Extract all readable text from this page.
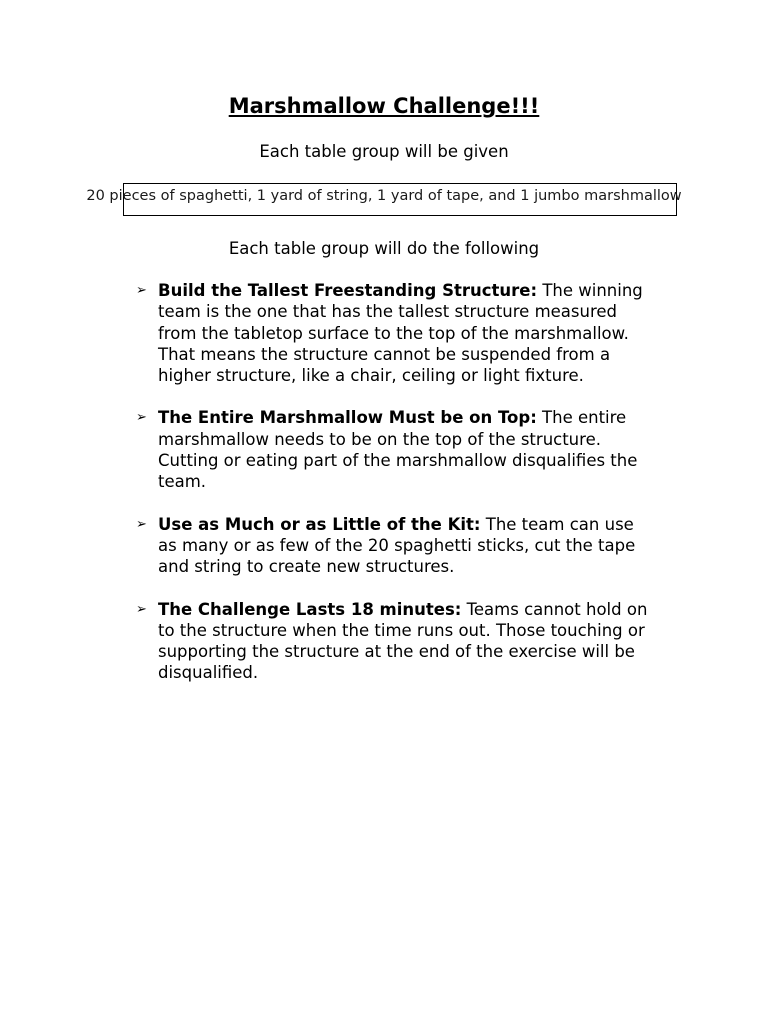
Marshmallow Challenge!!!
Each table group will be given
20 pieces of spaghetti, 1 yard of string, 1 yard of tape, and 1 jumbo marshmallow
Each table group will do the following
➢ Build the Tallest Freestanding Structure: The winning team is the one that has the tallest structure measured from the tabletop surface to the top of the marshmallow. That means the structure cannot be suspended from a higher structure, like a chair, ceiling or light fixture.
➢ The Entire Marshmallow Must be on Top: The entire marshmallow needs to be on the top of the structure. Cutting or eating part of the marshmallow disqualifies the team.
➢ Use as Much or as Little of the Kit: The team can use as many or as few of the 20 spaghetti sticks, cut the tape and string to create new structures.
➢ The Challenge Lasts 18 minutes: Teams cannot hold on to the structure when the time runs out. Those touching or supporting the structure at the end of the exercise will be disqualified.
